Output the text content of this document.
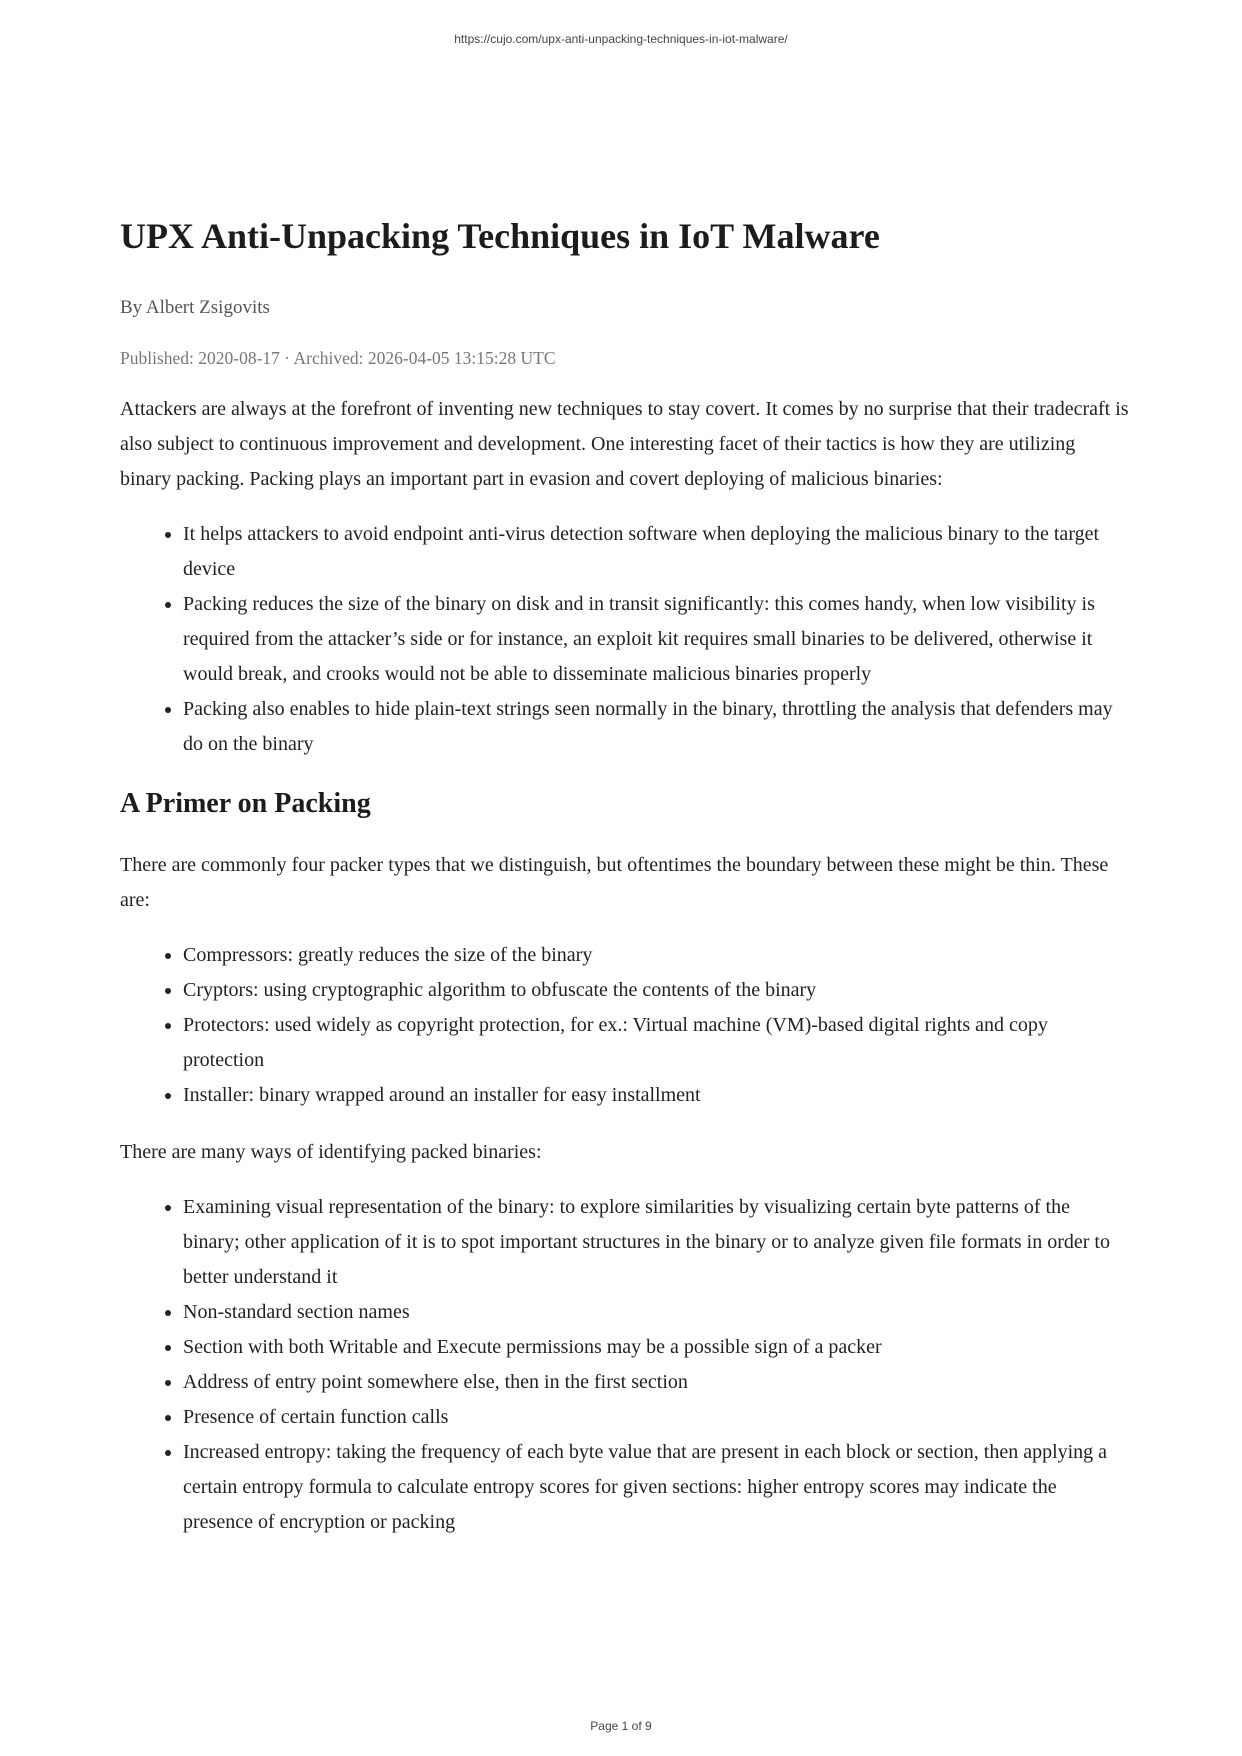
https://cujo.com/upx-anti-unpacking-techniques-in-iot-malware/
UPX Anti-Unpacking Techniques in IoT Malware
By Albert Zsigovits
Published: 2020-08-17 · Archived: 2026-04-05 13:15:28 UTC

Attackers are always at the forefront of inventing new techniques to stay covert. It comes by no surprise that their tradecraft is also subject to continuous improvement and development. One interesting facet of their tactics is how they are utilizing binary packing. Packing plays an important part in evasion and covert deploying of malicious binaries:

• It helps attackers to avoid endpoint anti-virus detection software when deploying the malicious binary to the target device
• Packing reduces the size of the binary on disk and in transit significantly: this comes handy, when low visibility is required from the attacker’s side or for instance, an exploit kit requires small binaries to be delivered, otherwise it would break, and crooks would not be able to disseminate malicious binaries properly
• Packing also enables to hide plain-text strings seen normally in the binary, throttling the analysis that defenders may do on the binary
A Primer on Packing

There are commonly four packer types that we distinguish, but oftentimes the boundary between these might be thin. These are:

• Compressors: greatly reduces the size of the binary
• Cryptors: using cryptographic algorithm to obfuscate the contents of the binary
• Protectors: used widely as copyright protection, for ex.: Virtual machine (VM)-based digital rights and copy protection
• Installer: binary wrapped around an installer for easy installment

There are many ways of identifying packed binaries:

• Examining visual representation of the binary: to explore similarities by visualizing certain byte patterns of the binary; other application of it is to spot important structures in the binary or to analyze given file formats in order to better understand it
• Non-standard section names
• Section with both Writable and Execute permissions may be a possible sign of a packer
• Address of entry point somewhere else, then in the first section
• Presence of certain function calls
• Increased entropy: taking the frequency of each byte value that are present in each block or section, then applying a certain entropy formula to calculate entropy scores for given sections: higher entropy scores may indicate the presence of encryption or packing
Page 1 of 9
